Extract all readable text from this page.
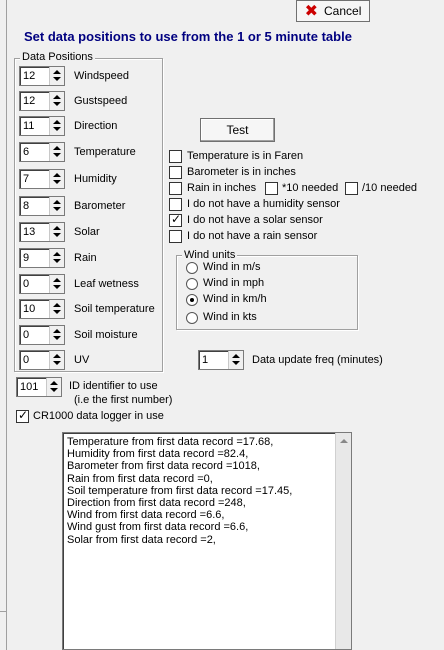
✖ Cancel
Set data positions to use from the 1 or 5 minute table
Data Positions
12	Windspeed
12	Gustspeed
11	Direction
6	Temperature
7	Humidity
8	Barometer
13	Solar
9	Rain
0	Leaf wetness
10	Soil temperature
0	Soil moisture
0	UV
101	ID identifier to use
(i.e the first number)
✓
CR1000 data logger in use
Test
Temperature is in Faren
Barometer is in inches
Rain in inches *10 needed /10 needed
I do not have a humidity sensor
✓
I do not have a solar sensor
I do not have a rain sensor
Wind units
Wind in m/s
Wind in mph
Wind in km/h
Wind in kts
1	Data update freq (minutes)
Temperature from first data record =17.68,
Humidity from first data record =82.4,
Barometer from first data record =1018,
Rain from first data record =0,
Soil temperature from first data record =17.45,
Direction from first data record =248,
Wind from first data record =6.6,
Wind gust from first data record =6.6,
Solar from first data record =2,
